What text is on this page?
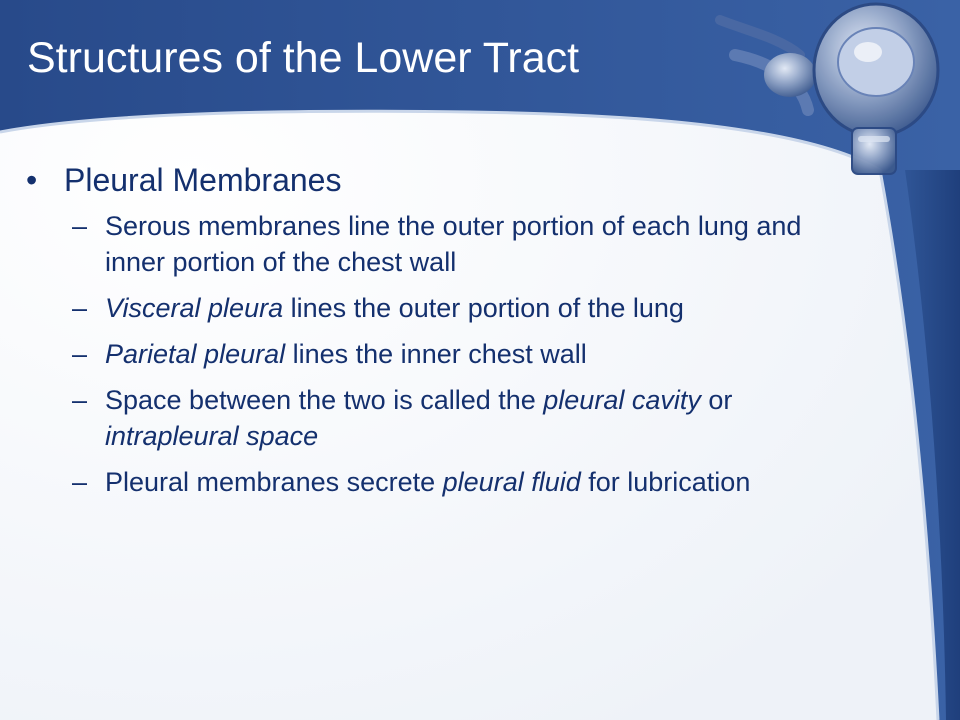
Structures of the Lower Tract
• Pleural Membranes
– Serous membranes line the outer portion of each lung and inner portion of the chest wall
– Visceral pleura lines the outer portion of the lung
– Parietal pleural lines the inner chest wall
– Space between the two is called the pleural cavity or intrapleural space
– Pleural membranes secrete pleural fluid for lubrication
